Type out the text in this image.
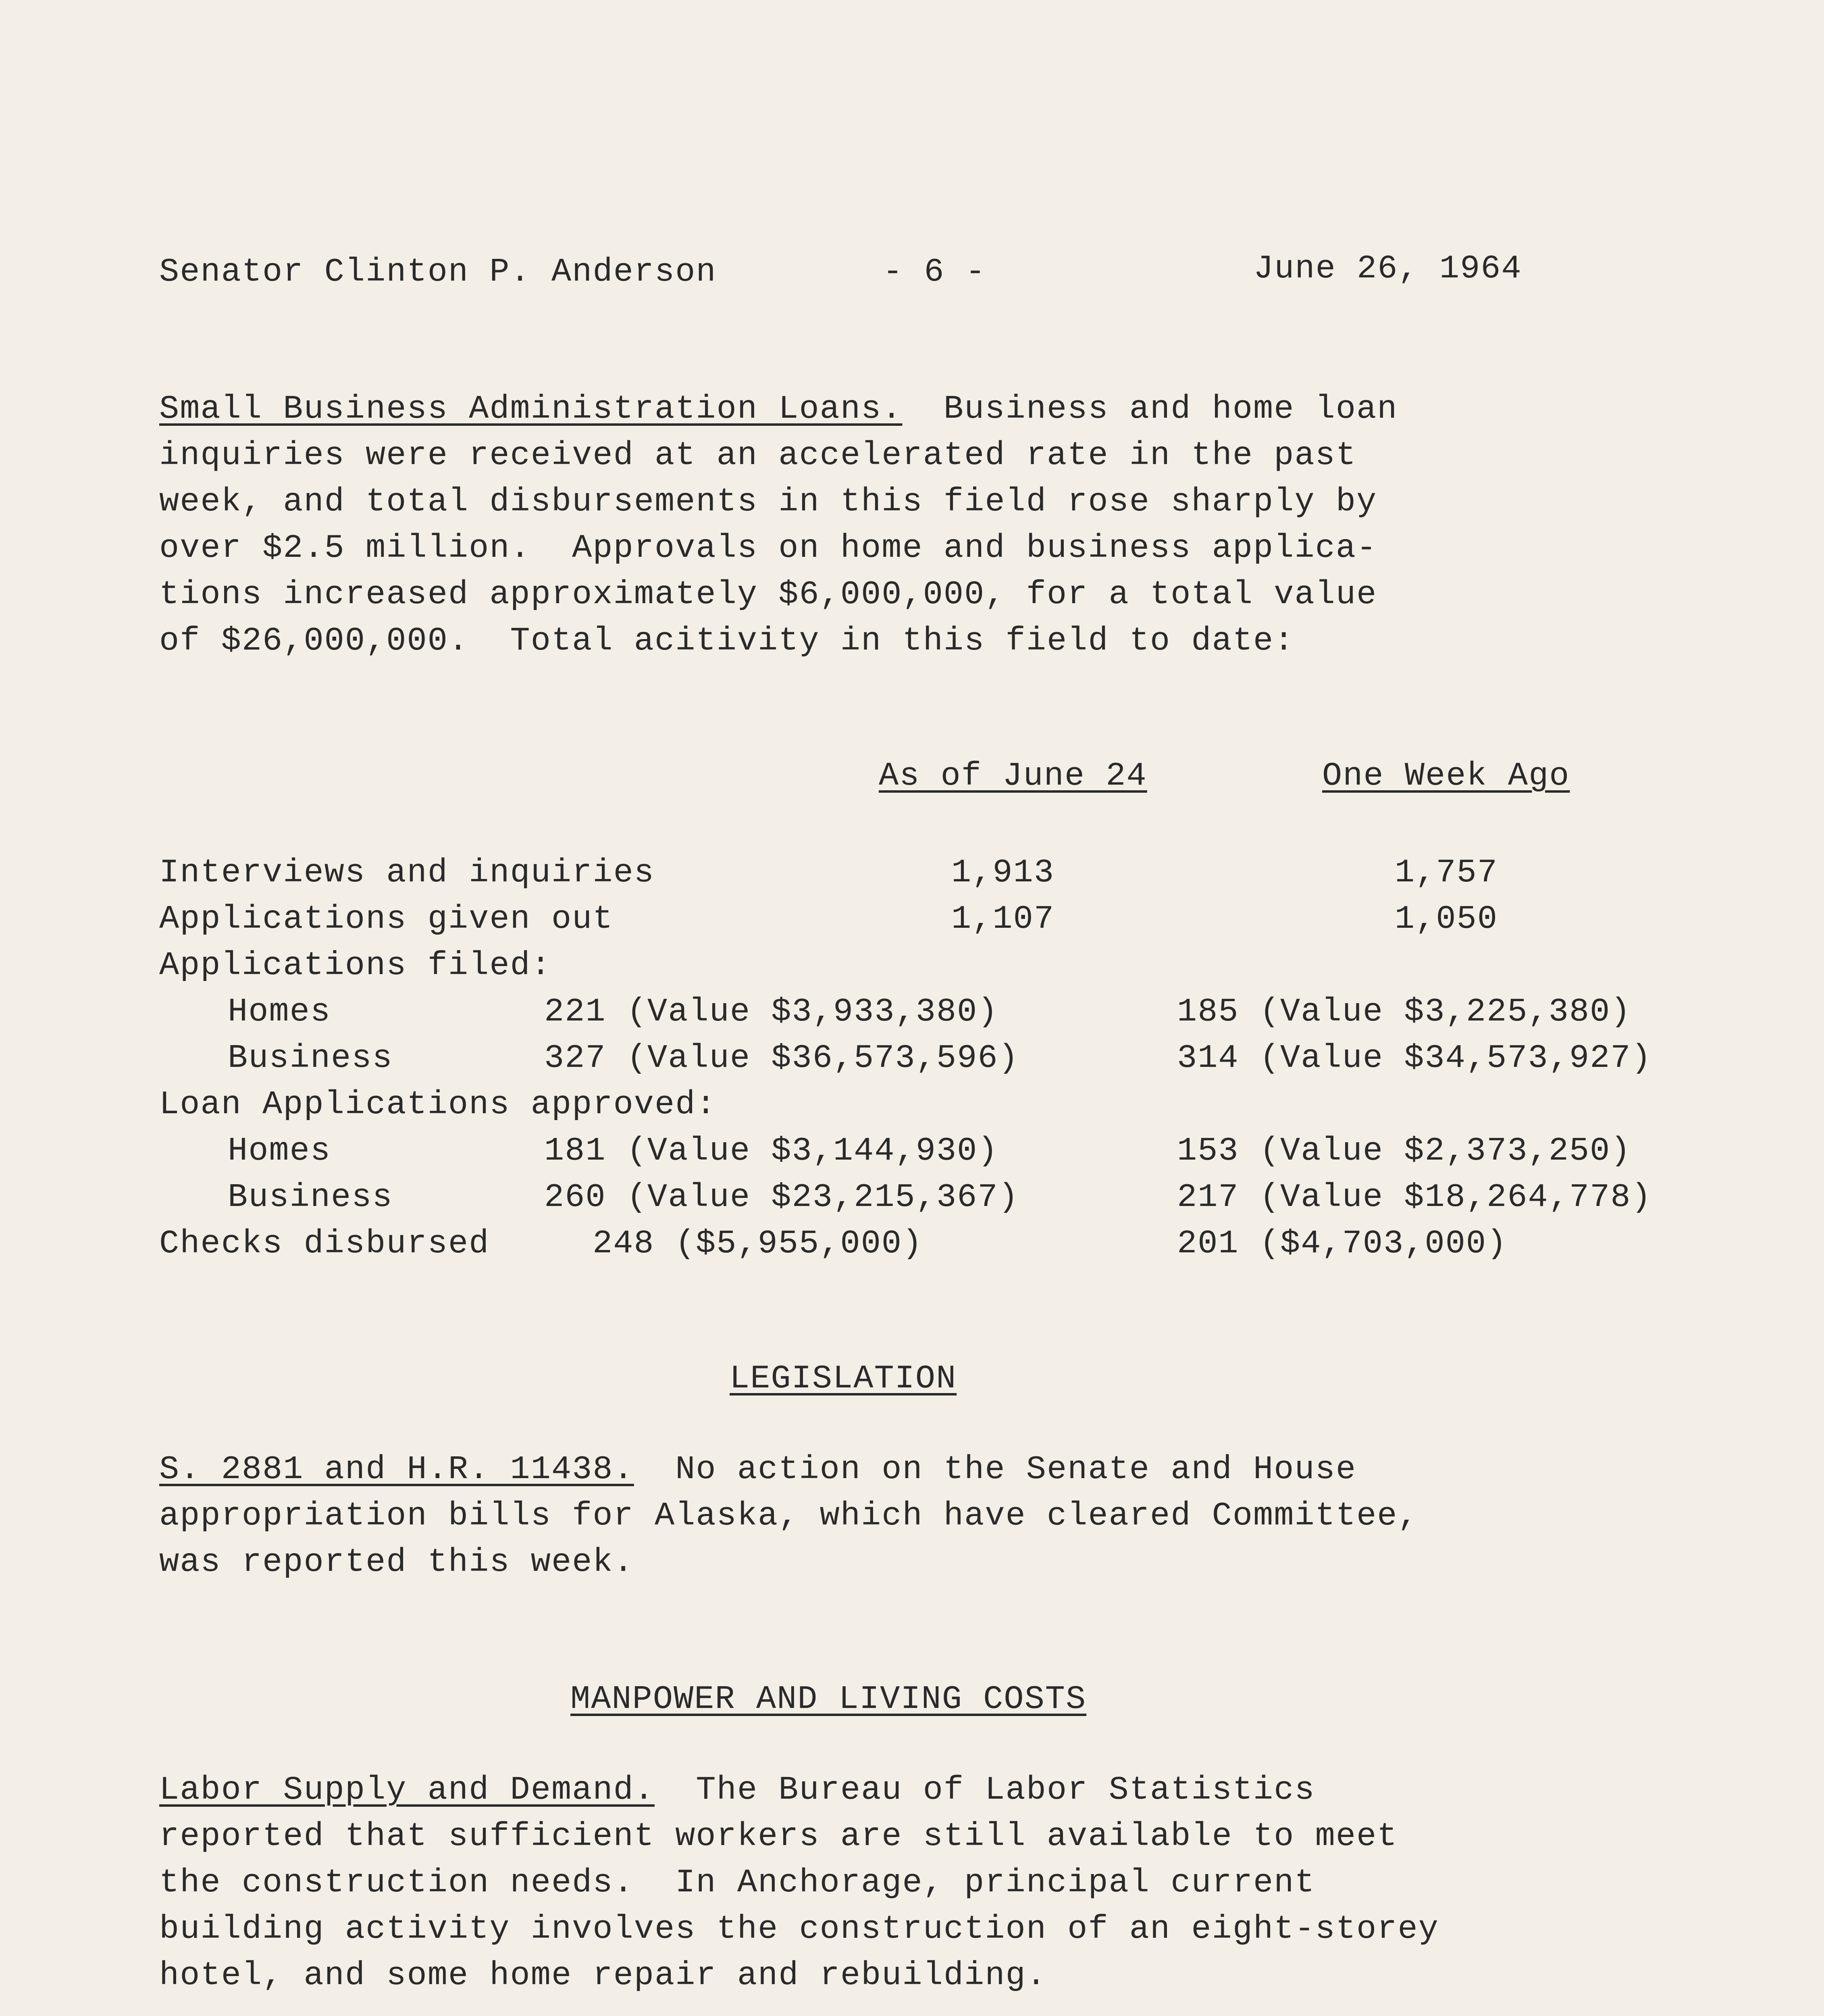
Senator Clinton P. Anderson	- 6 -	June 26, 1964
Small Business Administration Loans. Business and home loan
inquiries were received at an accelerated rate in the past
week, and total disbursements in this field rose sharply by
over $2.5 million.  Approvals on home and business applica-
tions increased approximately $6,000,000, for a total value
of $26,000,000.  Total acitivity in this field to date:
As of June 24	One Week Ago
Interviews and inquiries	1,913	1,757
Applications given out	1,107	1,050
Applications filed:
Homes	221 (Value $3,933,380)	185 (Value $3,225,380)
Business	327 (Value $36,573,596)	314 (Value $34,573,927)
Loan Applications approved:
Homes	181 (Value $3,144,930)	153 (Value $2,373,250)
Business	260 (Value $23,215,367)	217 (Value $18,264,778)
Checks disbursed	248 ($5,955,000)	201 ($4,703,000)
LEGISLATION
S. 2881 and H.R. 11438. No action on the Senate and House
appropriation bills for Alaska, which have cleared Committee,
was reported this week.
MANPOWER AND LIVING COSTS
Labor Supply and Demand. The Bureau of Labor Statistics
reported that sufficient workers are still available to meet
the construction needs.  In Anchorage, principal current
building activity involves the construction of an eight-storey
hotel, and some home repair and rebuilding.
